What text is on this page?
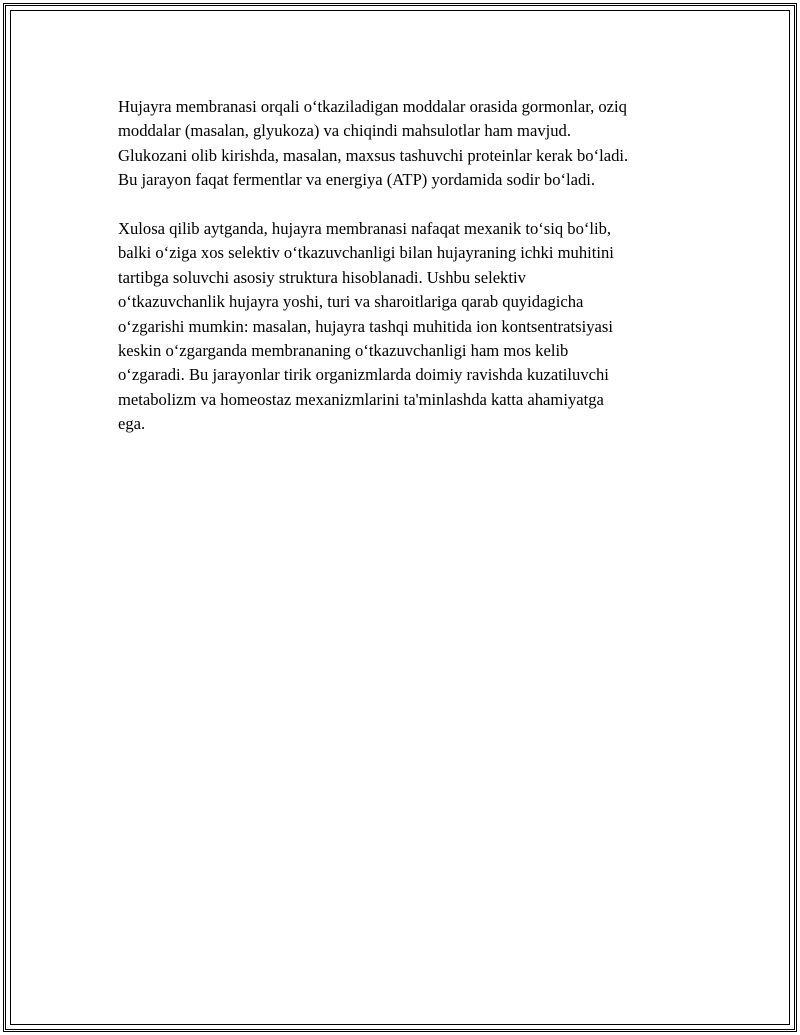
Hujayra membranasi orqali o‘tkaziladigan moddalar orasida gormonlar, oziq
moddalar (masalan, glyukoza) va chiqindi mahsulotlar ham mavjud.
Glukozani olib kirishda, masalan, maxsus tashuvchi proteinlar kerak bo‘ladi.
Bu jarayon faqat fermentlar va energiya (ATP) yordamida sodir bo‘ladi.

Xulosa qilib aytganda, hujayra membranasi nafaqat mexanik to‘siq bo‘lib,
balki o‘ziga xos selektiv o‘tkazuvchanligi bilan hujayraning ichki muhitini
tartibga soluvchi asosiy struktura hisoblanadi. Ushbu selektiv
o‘tkazuvchanlik hujayra yoshi, turi va sharoitlariga qarab quyidagicha
o‘zgarishi mumkin: masalan, hujayra tashqi muhitida ion kontsentratsiyasi
keskin o‘zgarganda membrananing o‘tkazuvchanligi ham mos kelib
o‘zgaradi. Bu jarayonlar tirik organizmlarda doimiy ravishda kuzatiluvchi
metabolizm va homeostaz mexanizmlarini ta'minlashda katta ahamiyatga
ega.
